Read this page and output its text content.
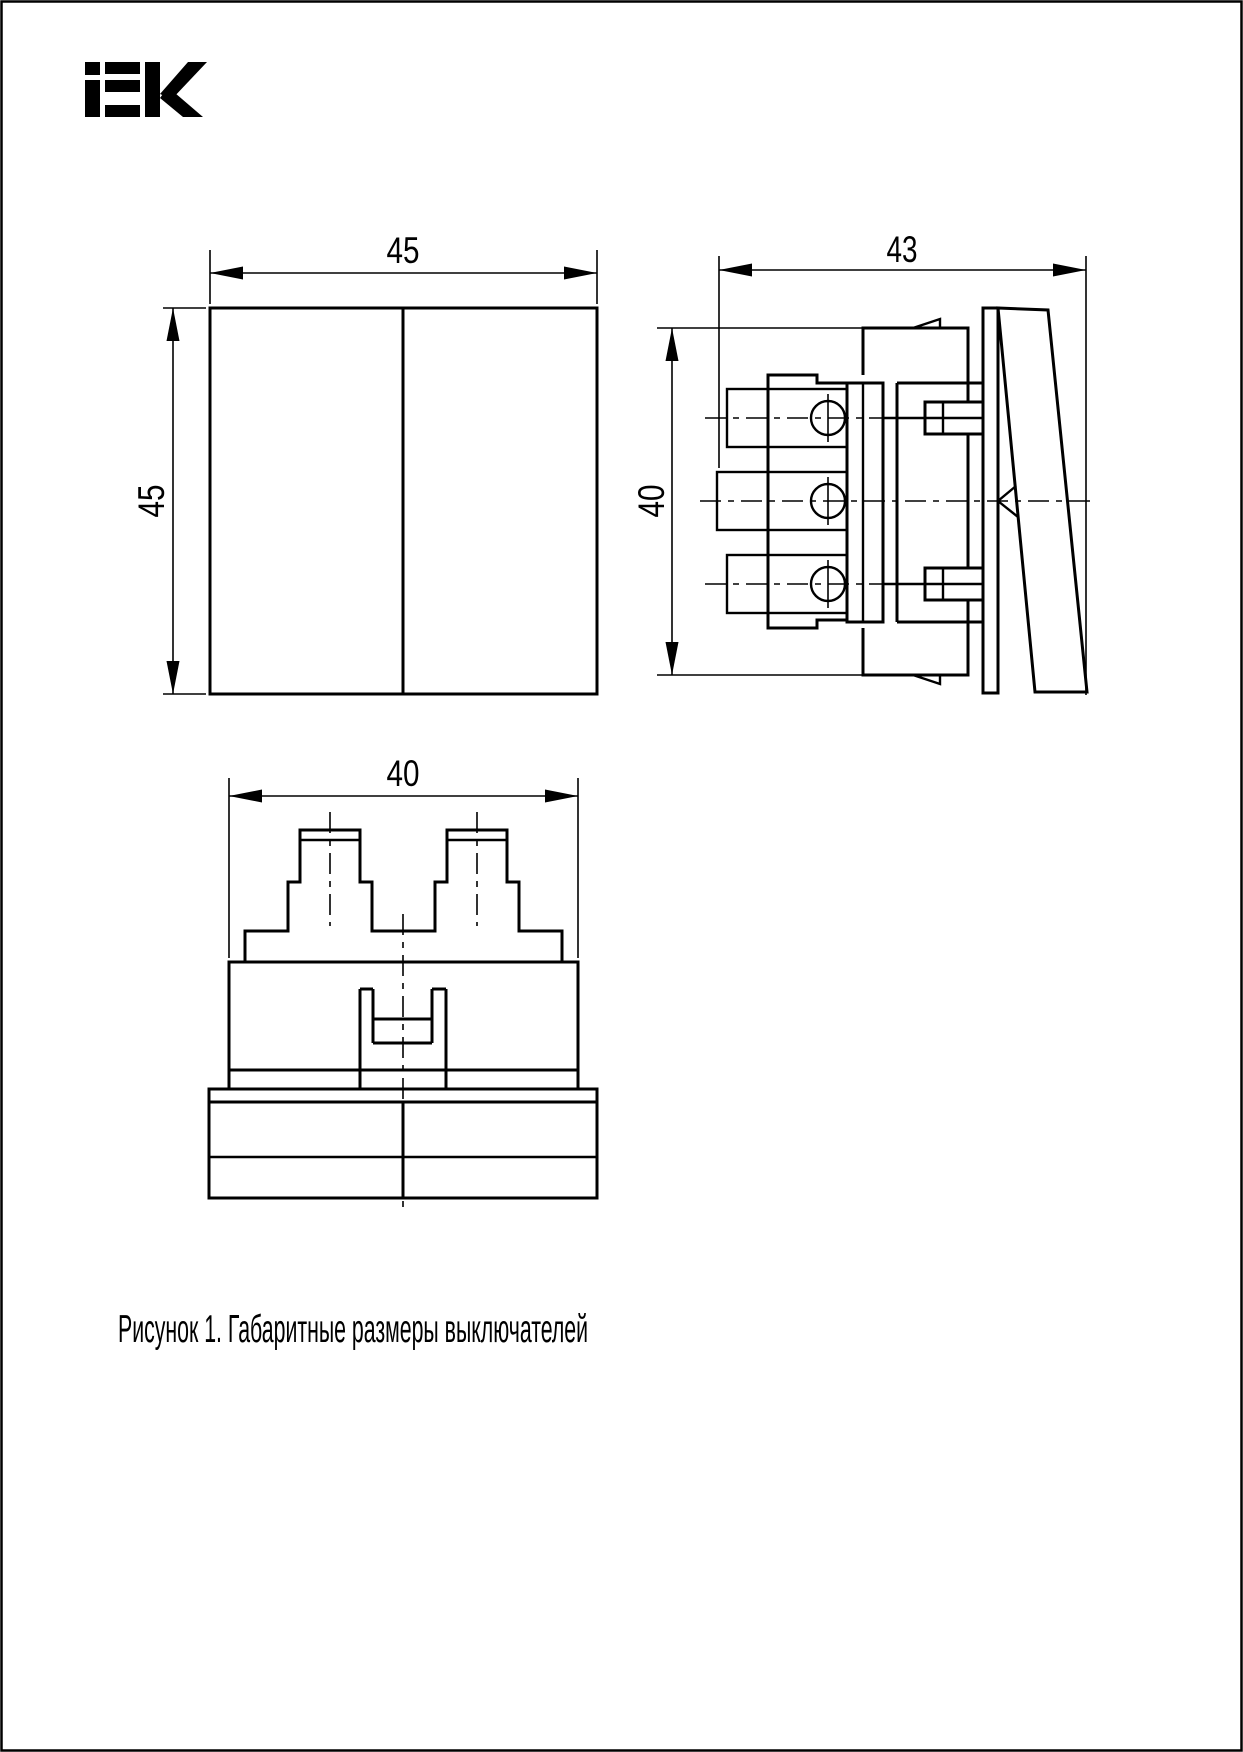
45
45
43
40
40
Рисунок 1. Габаритные размеры выключателей
